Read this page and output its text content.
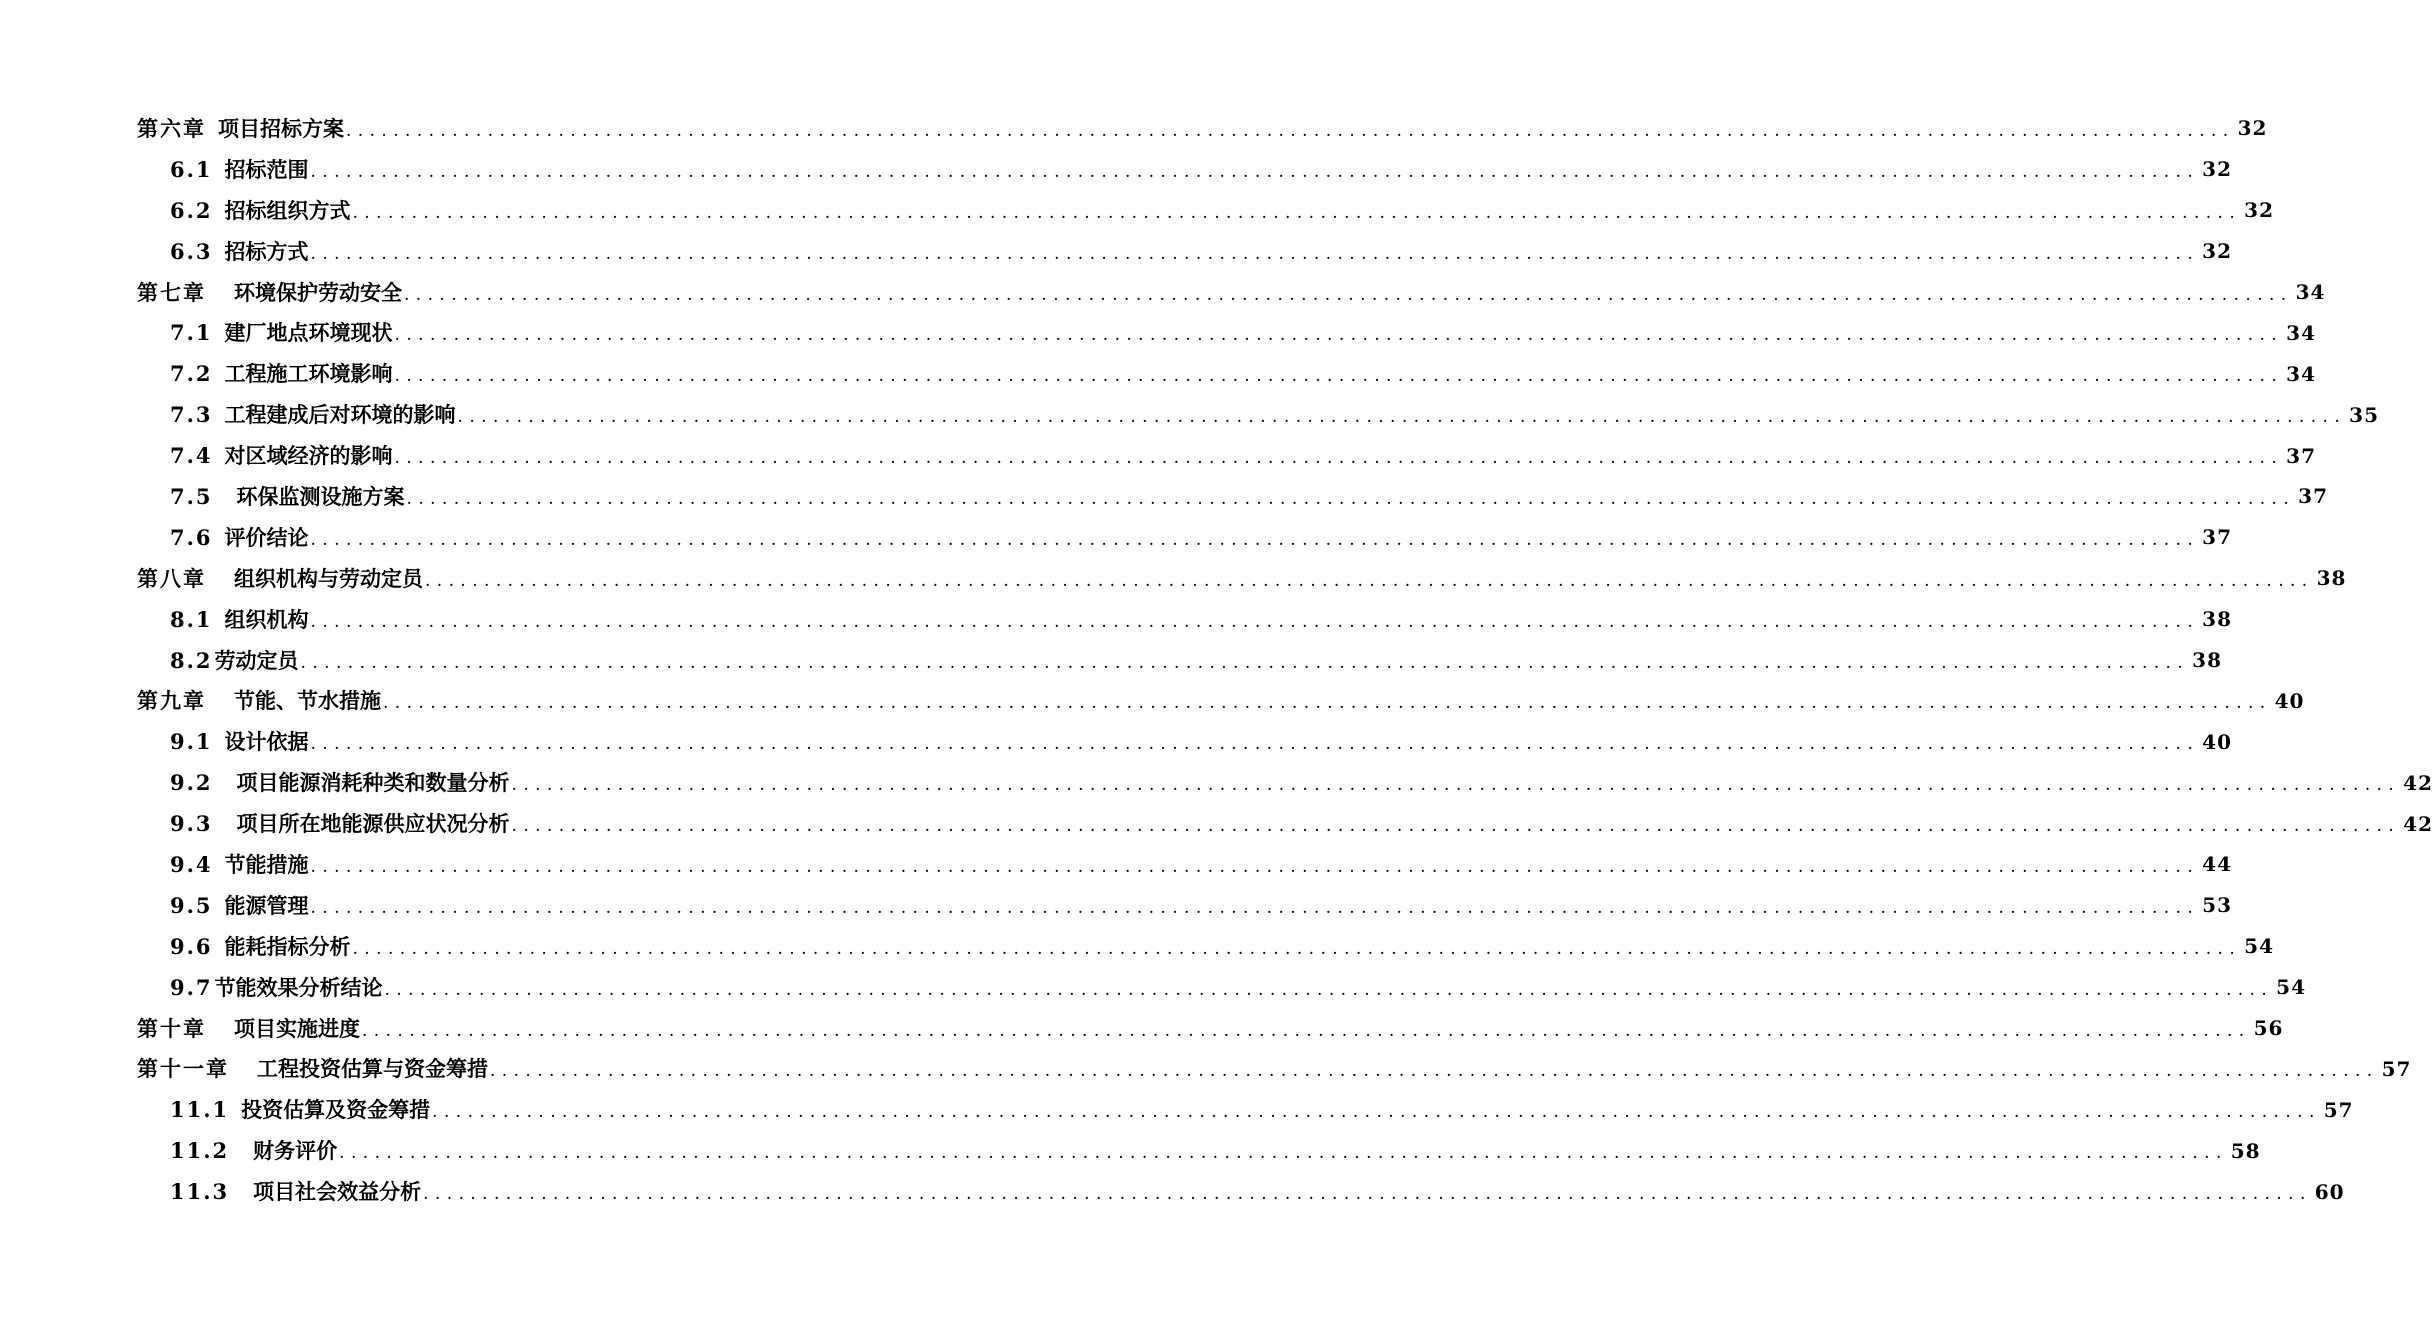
第六章 项目招标方案 ................................................................................................................................................................ 32
6.1 招标范围 ................................................................................................................................................................ 32
6.2 招标组织方式 ................................................................................................................................................................ 32
6.3 招标方式 ................................................................................................................................................................ 32
第七章 环境保护劳动安全 ................................................................................................................................................................ 34
7.1 建厂地点环境现状 ................................................................................................................................................................ 34
7.2 工程施工环境影响 ................................................................................................................................................................ 34
7.3 工程建成后对环境的影响 ................................................................................................................................................................ 35
7.4 对区域经济的影响 ................................................................................................................................................................ 37
7.5 环保监测设施方案 ................................................................................................................................................................ 37
7.6 评价结论 ................................................................................................................................................................ 37
第八章 组织机构与劳动定员 ................................................................................................................................................................ 38
8.1 组织机构 ................................................................................................................................................................ 38
8.2劳动定员 ................................................................................................................................................................ 38
第九章 节能、节水措施 ................................................................................................................................................................ 40
9.1 设计依据 ................................................................................................................................................................ 40
9.2 项目能源消耗种类和数量分析 ................................................................................................................................................................ 42
9.3 项目所在地能源供应状况分析 ................................................................................................................................................................ 42
9.4 节能措施 ................................................................................................................................................................ 44
9.5 能源管理 ................................................................................................................................................................ 53
9.6 能耗指标分析 ................................................................................................................................................................ 54
9.7节能效果分析结论 ................................................................................................................................................................ 54
第十章 项目实施进度 ................................................................................................................................................................ 56
第十一章 工程投资估算与资金筹措 ................................................................................................................................................................ 57
11.1 投资估算及资金筹措 ................................................................................................................................................................ 57
11.2 财务评价 ................................................................................................................................................................ 58
11.3 项目社会效益分析 ................................................................................................................................................................ 60
